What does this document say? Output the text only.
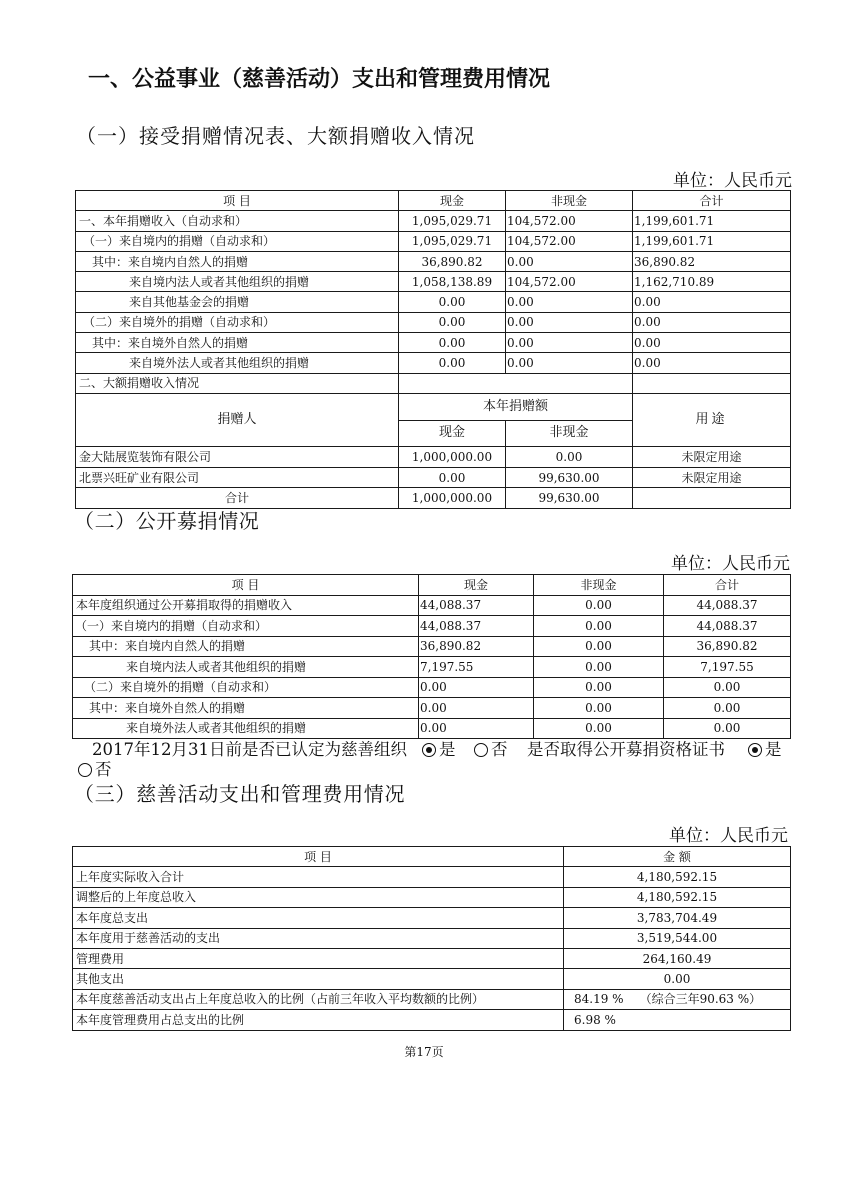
一、公益事业（慈善活动）支出和管理费用情况
（一）接受捐赠情况表、大额捐赠收入情况
单位：人民币元
项 目	现金	非现金	合计
一、本年捐赠收入（自动求和）	1,095,029.71	104,572.00	1,199,601.71
（一）来自境内的捐赠（自动求和）	1,095,029.71	104,572.00	1,199,601.71
其中：来自境内自然人的捐赠	36,890.82	0.00	36,890.82
来自境内法人或者其他组织的捐赠	1,058,138.89	104,572.00	1,162,710.89
来自其他基金会的捐赠	0.00	0.00	0.00
（二）来自境外的捐赠（自动求和）	0.00	0.00	0.00
其中：来自境外自然人的捐赠	0.00	0.00	0.00
来自境外法人或者其他组织的捐赠	0.00	0.00	0.00
二、大额捐赠收入情况			
捐赠人	本年捐赠额		用途
	现金	非现金	
金大陆展览装饰有限公司	1,000,000.00	0.00	未限定用途
北票兴旺矿业有限公司	0.00	99,630.00	未限定用途
合计	1,000,000.00	99,630.00	
（二）公开募捐情况
单位：人民币元
项 目	现金	非现金	合计
本年度组织通过公开募捐取得的捐赠收入	44,088.37	0.00	44,088.37
（一）来自境内的捐赠（自动求和）	44,088.37	0.00	44,088.37
其中：来自境内自然人的捐赠	36,890.82	0.00	36,890.82
来自境内法人或者其他组织的捐赠	7,197.55	0.00	7,197.55
（二）来自境外的捐赠（自动求和）	0.00	0.00	0.00
其中：来自境外自然人的捐赠	0.00	0.00	0.00
来自境外法人或者其他组织的捐赠	0.00	0.00	0.00
2017年12月31日前是否已认定为慈善组织 是 否 是否取得公开募捐资格证书 是
否
（三）慈善活动支出和管理费用情况
单位：人民币元
项 目	金 额
上年度实际收入合计	4,180,592.15
调整后的上年度总收入	4,180,592.15
本年度总支出	3,783,704.49
本年度用于慈善活动的支出	3,519,544.00
管理费用	264,160.49
其他支出	0.00
本年度慈善活动支出占上年度总收入的比例（占前三年收入平均数额的比例）	84.19 % （综合三年90.63 %）
本年度管理费用占总支出的比例	6.98 %
第17页
